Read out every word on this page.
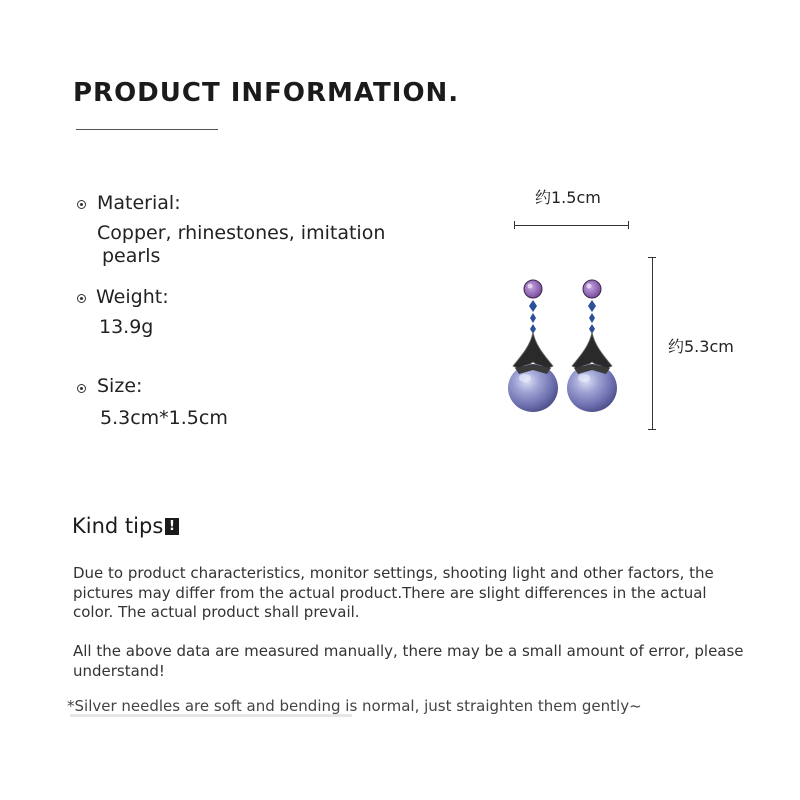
PRODUCT INFORMATION.
Material:
Copper, rhinestones, imitation
pearls
Weight:
13.9g
Size:
5.3cm*1.5cm
约1.5cm
约5.3cm
Kind tips !
Due to product characteristics, monitor settings, shooting light and other factors, the
pictures may differ from the actual product.There are slight differences in the actual
color. The actual product shall prevail.
All the above data are measured manually, there may be a small amount of error, please
understand!
*Silver needles are soft and bending is normal, just straighten them gently~
